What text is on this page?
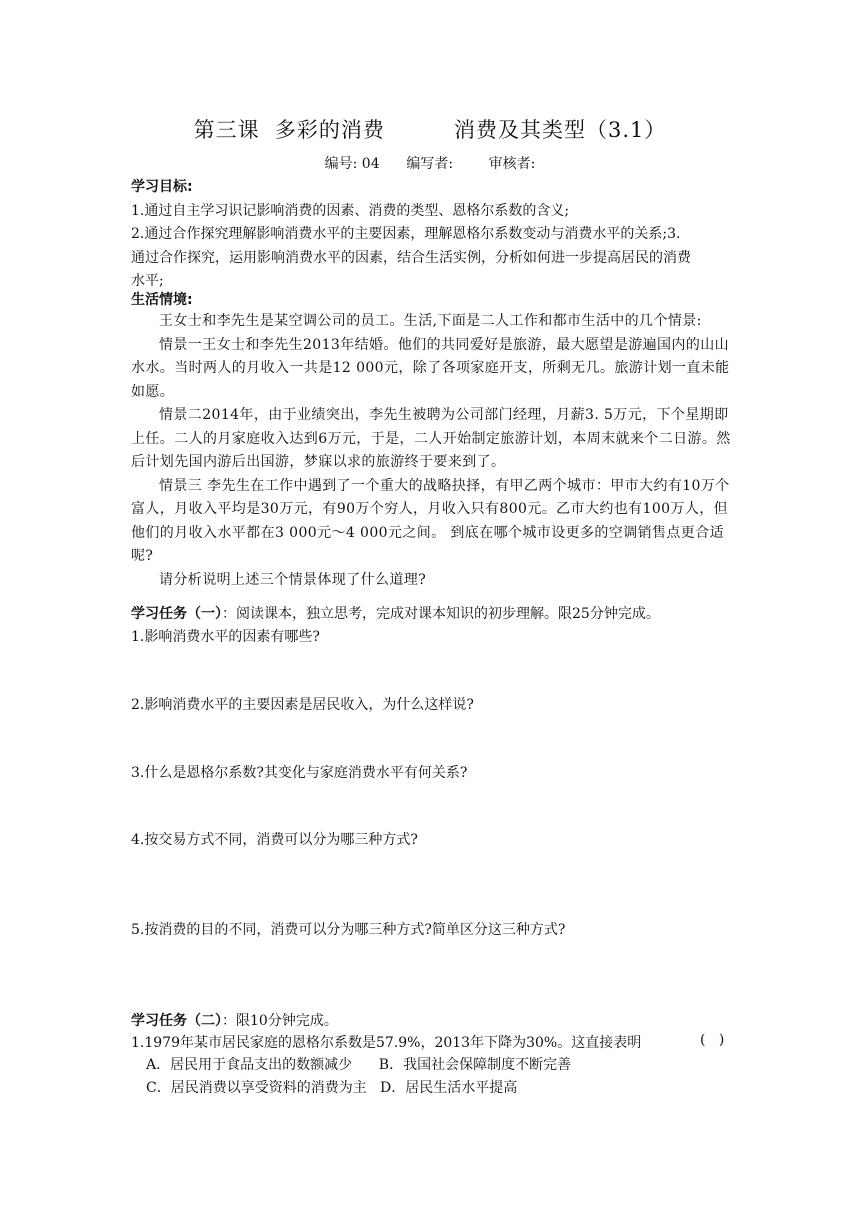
第三课  多彩的消费         消费及其类型（3.1）
编号: 04      编写者:        审核者:
学习目标:
1.通过自主学习识记影响消费的因素、消费的类型、恩格尔系数的含义;
2.通过合作探究理解影响消费水平的主要因素，理解恩格尔系数变动与消费水平的关系;3.
通过合作探究，运用影响消费水平的因素，结合生活实例，分析如何进一步提高居民的消费
水平;
生活情境:
王女士和李先生是某空调公司的员工。生活,下面是二人工作和都市生活中的几个情景:
情景一王女士和李先生2013年结婚。他们的共同爱好是旅游，最大愿望是游遍国内的山山水水。当时两人的月收入一共是12 000元，除了各项家庭开支，所剩无几。旅游计划一直未能如愿。
情景二2014年，由于业绩突出，李先生被聘为公司部门经理，月薪3. 5万元，下个星期即上任。二人的月家庭收入达到6万元，于是，二人开始制定旅游计划，本周末就来个二日游。然后计划先国内游后出国游，梦寐以求的旅游终于要来到了。
情景三 李先生在工作中遇到了一个重大的战略抉择，有甲乙两个城市：甲市大约有10万个富人，月收入平均是30万元，有90万个穷人，月收入只有800元。乙市大约也有100万人，但他们的月收入水平都在3 000元～4 000元之间。 到底在哪个城市设更多的空调销售点更合适呢?
请分析说明上述三个情景体现了什么道理?
学习任务（一）：阅读课本，独立思考，完成对课本知识的初步理解。限25分钟完成。
1.影响消费水平的因素有哪些?
2.影响消费水平的主要因素是居民收入，为什么这样说?
3.什么是恩格尔系数?其变化与家庭消费水平有何关系?
4.按交易方式不同，消费可以分为哪三种方式?
5.按消费的目的不同，消费可以分为哪三种方式?简单区分这三种方式?
学习任务（二）：限10分钟完成。
1.1979年某市居民家庭的恩格尔系数是57.9%，2013年下降为30%。这直接表明	(   )
A．居民用于食品支出的数额减少      B．我国社会保障制度不断完善
C．居民消费以享受资料的消费为主   D．居民生活水平提高
